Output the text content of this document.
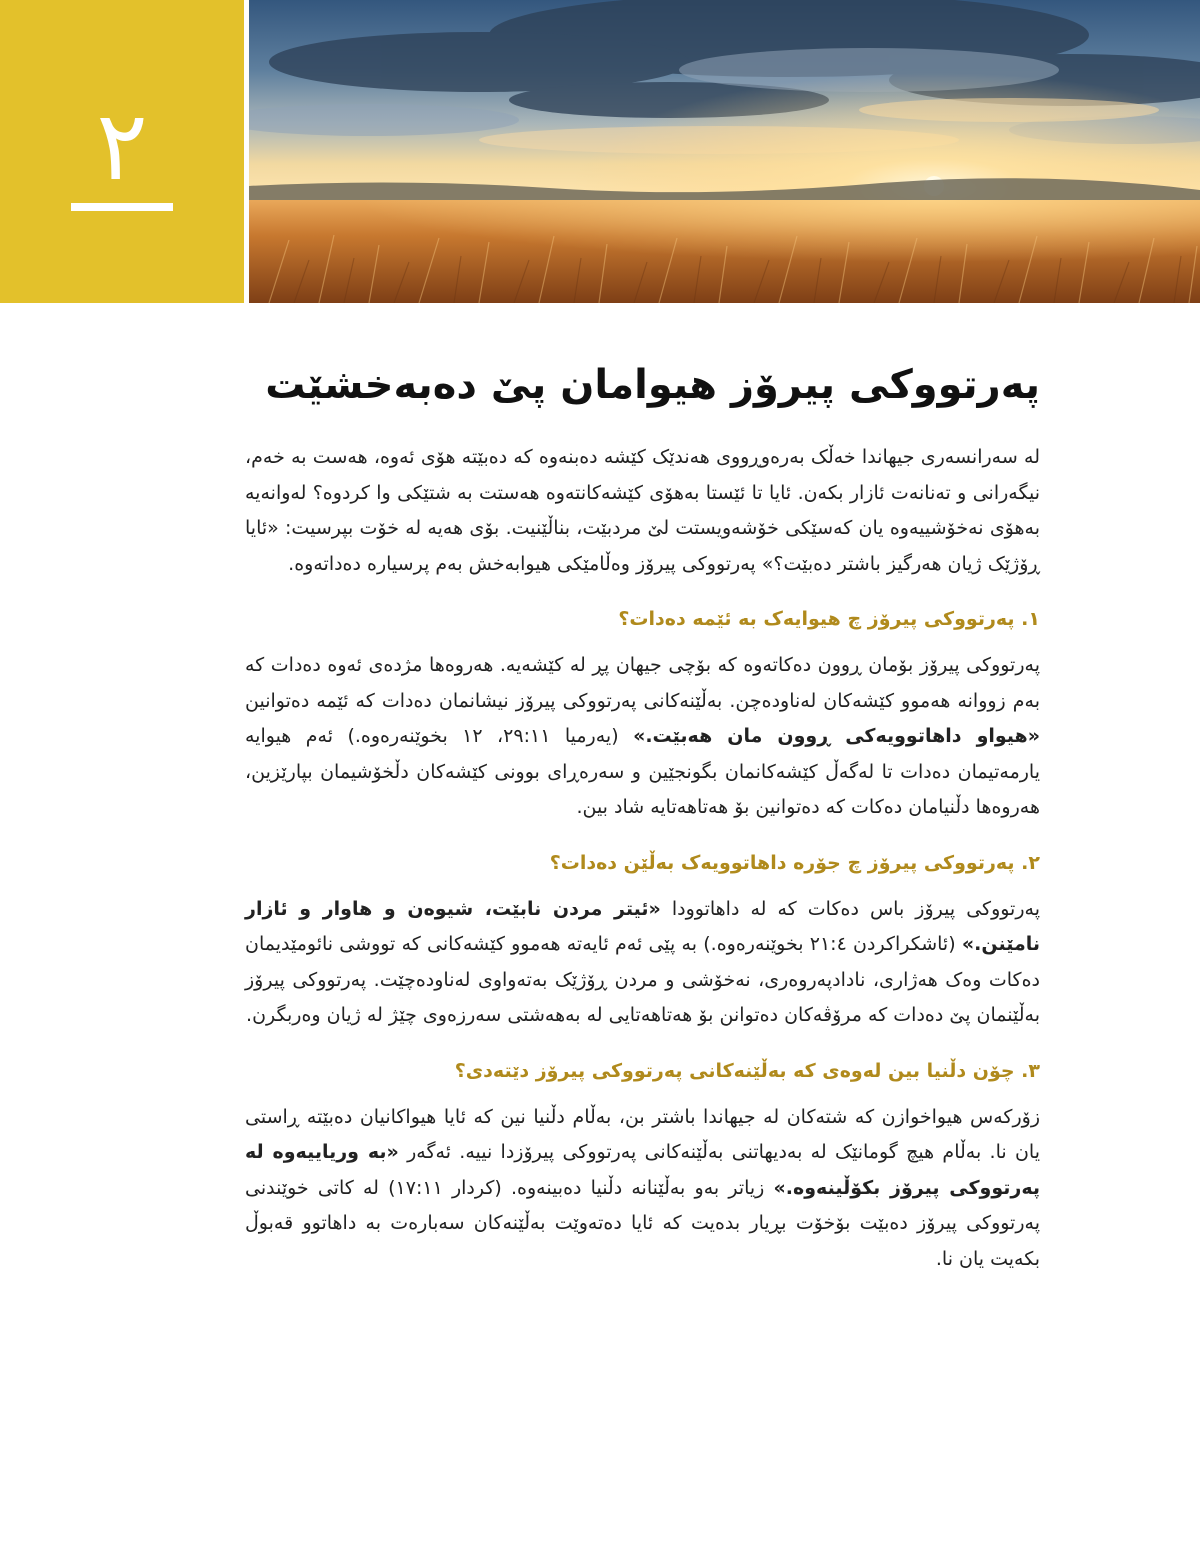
٢
پەرتووکی پیرۆز هیوامان پێ دەبەخشێت

لە سەرانسەری جیهاندا خەڵک بەرەوڕووی هەندێک کێشە دەبنەوە کە دەبێتە هۆی ئەوە، هەست بە خەم، نیگەرانی و تەنانەت ئازار بکەن. ئایا تا ئێستا بەهۆی کێشەکانتەوە هەستت بە شتێکی وا کردوە؟ لەوانەیە بەهۆی نەخۆشییەوە یان کەسێکی خۆشەویستت لێ مردبێت، بناڵێنیت. بۆی هەیە لە خۆت بپرسیت: «ئایا ڕۆژێک ژیان هەرگیز باشتر دەبێت؟» پەرتووکی پیرۆز وەڵامێکی هیوابەخش بەم پرسیارە دەداتەوە.

١. پەرتووکی پیرۆز چ هیوایەک بە ئێمە دەدات؟

پەرتووکی پیرۆز بۆمان ڕوون دەکاتەوە کە بۆچی جیهان پڕ لە کێشەیە. هەروەها مژدەی ئەوە دەدات کە بەم زووانە هەموو کێشەکان لەناودەچن. بەڵێنەکانی پەرتووکی پیرۆز نیشانمان دەدات کە ئێمە دەتوانین «هیواو داهاتوویەکی ڕوون مان هەبێت.» (یەرمیا ٢٩:١١، ١٢ بخوێنەرەوە.) ئەم هیوایە یارمەتیمان دەدات تا لەگەڵ کێشەکانمان بگونجێین و سەرەڕای بوونی کێشەکان دڵخۆشیمان بپارێزین، هەروەها دڵنیامان دەکات کە دەتوانین بۆ هەتاهەتایە شاد بین.

٢. پەرتووکی پیرۆز چ جۆرە داهاتوویەک بەڵێن دەدات؟

پەرتووکی پیرۆز باس دەکات کە لە داهاتوودا «ئیتر مردن نابێت، شیوەن و هاوار و ئازار نامێنن.» (ئاشکراکردن ٢١:٤ بخوێنەرەوە.) بە پێی ئەم ئایەتە هەموو کێشەکانی کە تووشی نائومێدیمان دەکات وەک هەژاری، نادادپەروەری، نەخۆشی و مردن ڕۆژێک بەتەواوی لەناودەچێت. پەرتووکی پیرۆز بەڵێنمان پێ دەدات کە مرۆڤەکان دەتوانن بۆ هەتاهەتایی لە بەهەشتی سەرزەوی چێژ لە ژیان وەربگرن.

٣. چۆن دڵنیا بین لەوەی کە بەڵێنەکانی پەرتووکی پیرۆز دێتەدی؟

زۆرکەس هیواخوازن کە شتەکان لە جیهاندا باشتر بن، بەڵام دڵنیا نین کە ئایا هیواکانیان دەبێتە ڕاستی یان نا. بەڵام هیچ گومانێک لە بەدیهاتنی بەڵێنەکانی پەرتووکی پیرۆزدا نییە. ئەگەر «بە وریاییەوە لە پەرتووکی پیرۆز بکۆڵینەوە.» زیاتر بەو بەڵێنانە دڵنیا دەبینەوە. (کردار ١٧:١١) لە کاتی خوێندنی پەرتووکی پیرۆز دەبێت بۆخۆت بڕیار بدەیت کە ئایا دەتەوێت بەڵێنەکان سەبارەت بە داهاتوو قەبوڵ بکەیت یان نا.
